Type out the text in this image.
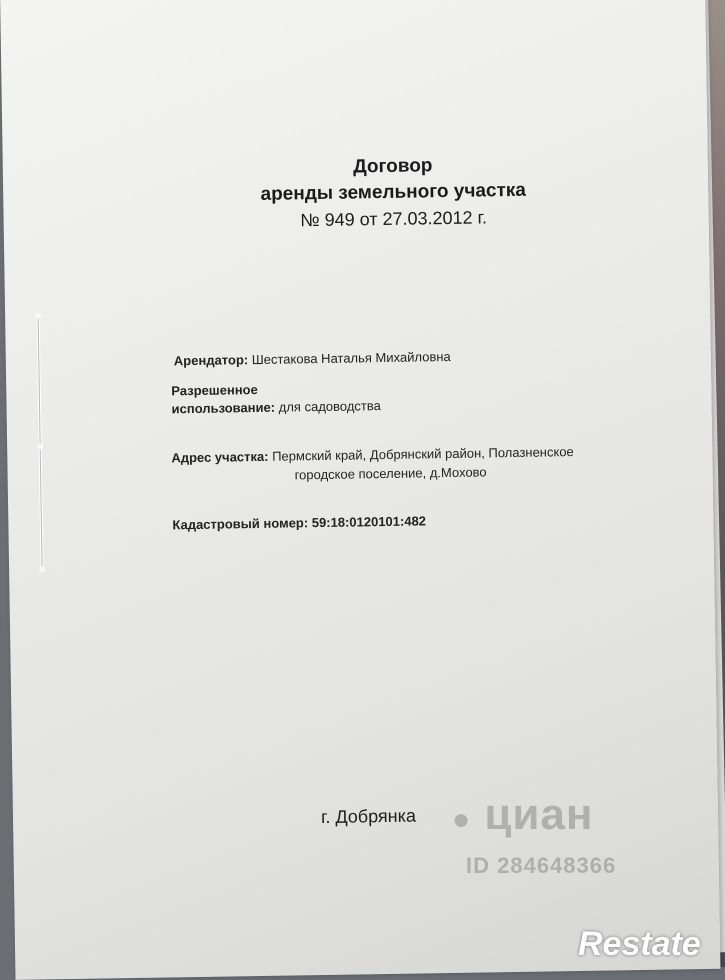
Договор
аренды земельного участка
№ 949 от 27.03.2012 г.
Арендатор: Шестакова Наталья Михайловна
Разрешенное
использование: для садоводства
Адрес участка: Пермский край, Добрянский район, Полазненское
городское поселение, д.Мохово
Кадастровый номер: 59:18:0120101:482
г. Добрянка ● циан
ID 284648366
Restate
